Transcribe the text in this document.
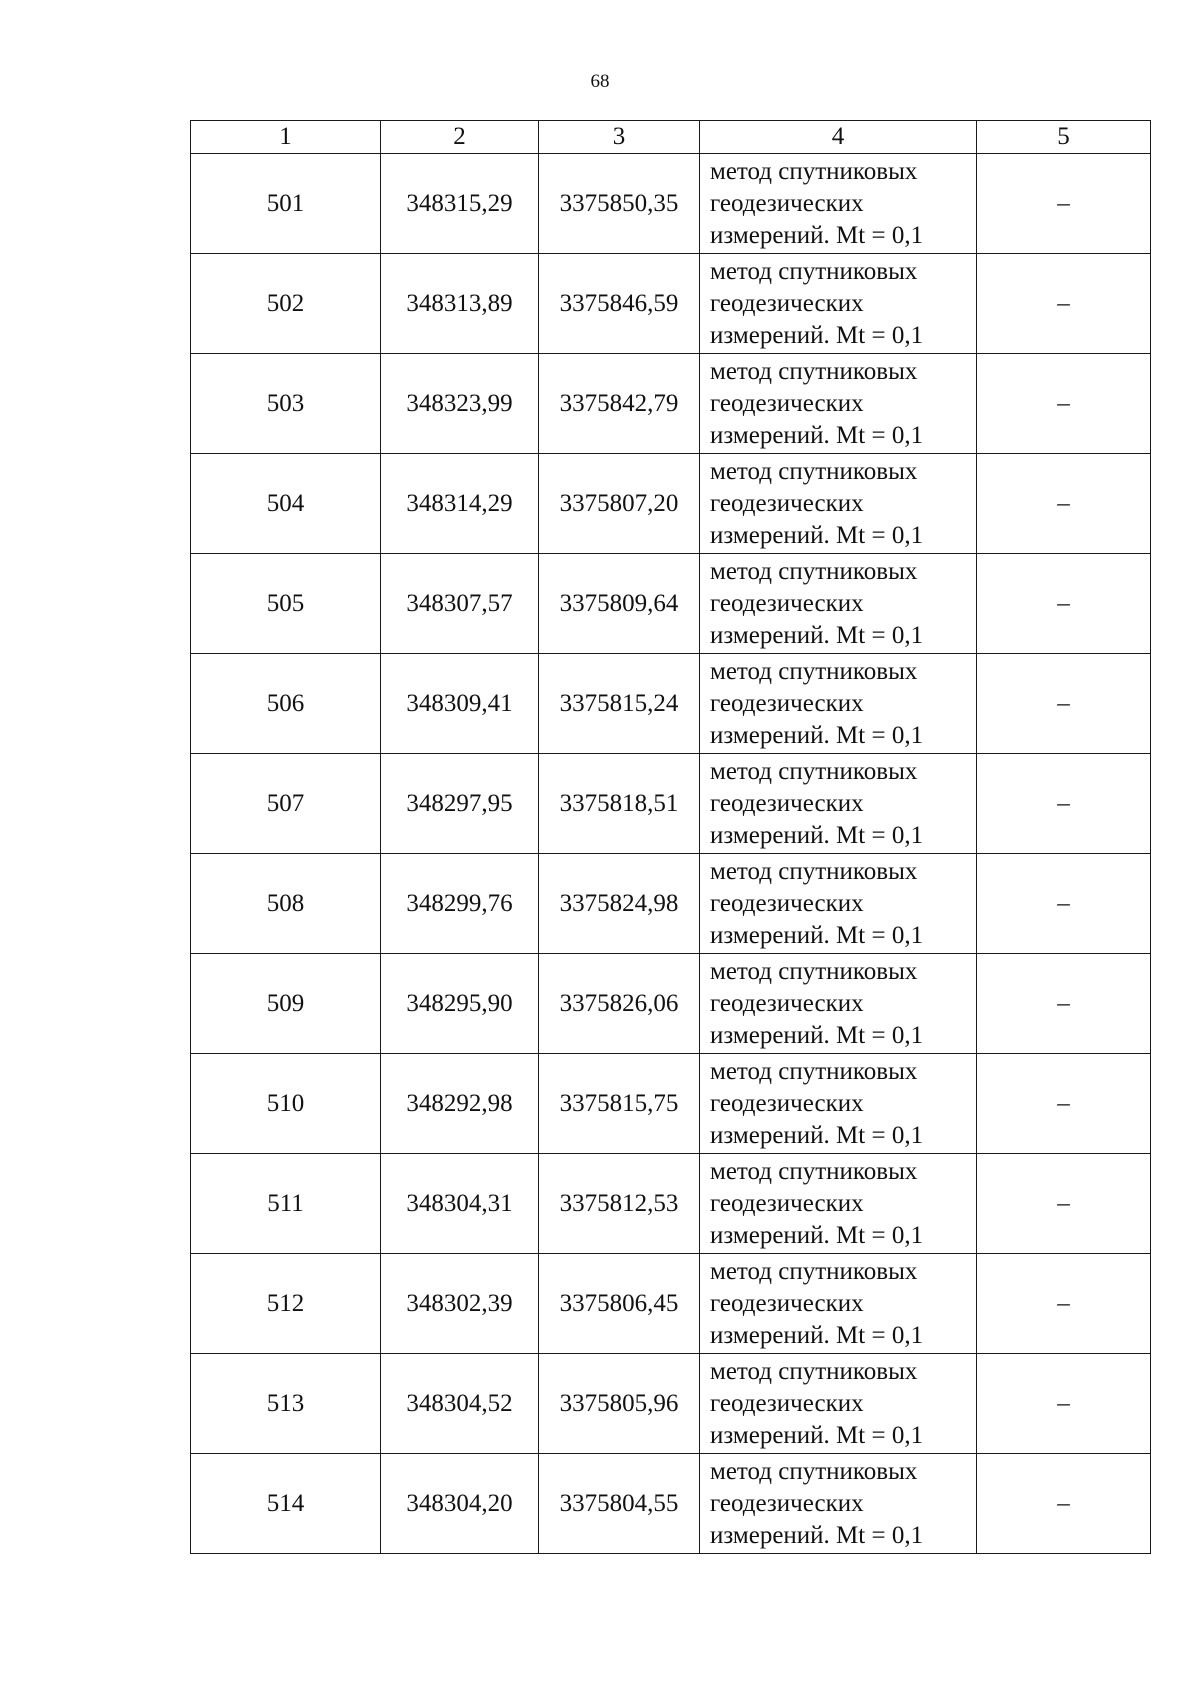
68
1	2	3	4	5
501	348315,29	3375850,35	метод спутниковых
геодезических
измерений. Mt = 0,1	–
502	348313,89	3375846,59	метод спутниковых
геодезических
измерений. Mt = 0,1	–
503	348323,99	3375842,79	метод спутниковых
геодезических
измерений. Mt = 0,1	–
504	348314,29	3375807,20	метод спутниковых
геодезических
измерений. Mt = 0,1	–
505	348307,57	3375809,64	метод спутниковых
геодезических
измерений. Mt = 0,1	–
506	348309,41	3375815,24	метод спутниковых
геодезических
измерений. Mt = 0,1	–
507	348297,95	3375818,51	метод спутниковых
геодезических
измерений. Mt = 0,1	–
508	348299,76	3375824,98	метод спутниковых
геодезических
измерений. Mt = 0,1	–
509	348295,90	3375826,06	метод спутниковых
геодезических
измерений. Mt = 0,1	–
510	348292,98	3375815,75	метод спутниковых
геодезических
измерений. Mt = 0,1	–
511	348304,31	3375812,53	метод спутниковых
геодезических
измерений. Mt = 0,1	–
512	348302,39	3375806,45	метод спутниковых
геодезических
измерений. Mt = 0,1	–
513	348304,52	3375805,96	метод спутниковых
геодезических
измерений. Mt = 0,1	–
514	348304,20	3375804,55	метод спутниковых
геодезических
измерений. Mt = 0,1	–
